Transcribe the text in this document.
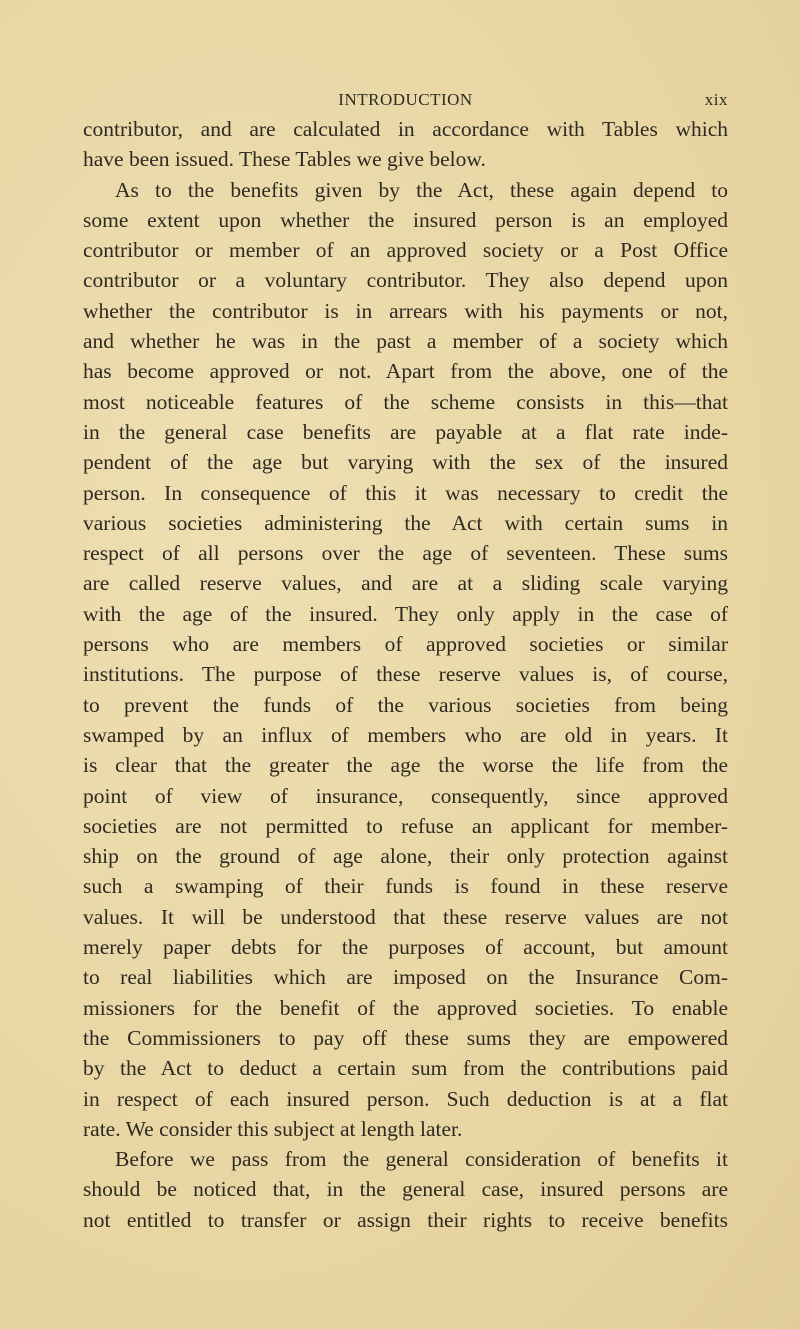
INTRODUCTION	xix
contributor, and are calculated in accordance with Tables which
have been issued. These Tables we give below.
As to the benefits given by the Act, these again depend to
some extent upon whether the insured person is an employed
contributor or member of an approved society or a Post Office
contributor or a voluntary contributor. They also depend upon
whether the contributor is in arrears with his payments or not,
and whether he was in the past a member of a society which
has become approved or not. Apart from the above, one of the
most noticeable features of the scheme consists in this—that
in the general case benefits are payable at a flat rate inde-
pendent of the age but varying with the sex of the insured
person. In consequence of this it was necessary to credit the
various societies administering the Act with certain sums in
respect of all persons over the age of seventeen. These sums
are called reserve values, and are at a sliding scale varying
with the age of the insured. They only apply in the case of
persons who are members of approved societies or similar
institutions. The purpose of these reserve values is, of course,
to prevent the funds of the various societies from being
swamped by an influx of members who are old in years. It
is clear that the greater the age the worse the life from the
point of view of insurance, consequently, since approved
societies are not permitted to refuse an applicant for member-
ship on the ground of age alone, their only protection against
such a swamping of their funds is found in these reserve
values. It will be understood that these reserve values are not
merely paper debts for the purposes of account, but amount
to real liabilities which are imposed on the Insurance Com-
missioners for the benefit of the approved societies. To enable
the Commissioners to pay off these sums they are empowered
by the Act to deduct a certain sum from the contributions paid
in respect of each insured person. Such deduction is at a flat
rate. We consider this subject at length later.
Before we pass from the general consideration of benefits it
should be noticed that, in the general case, insured persons are
not entitled to transfer or assign their rights to receive benefits
